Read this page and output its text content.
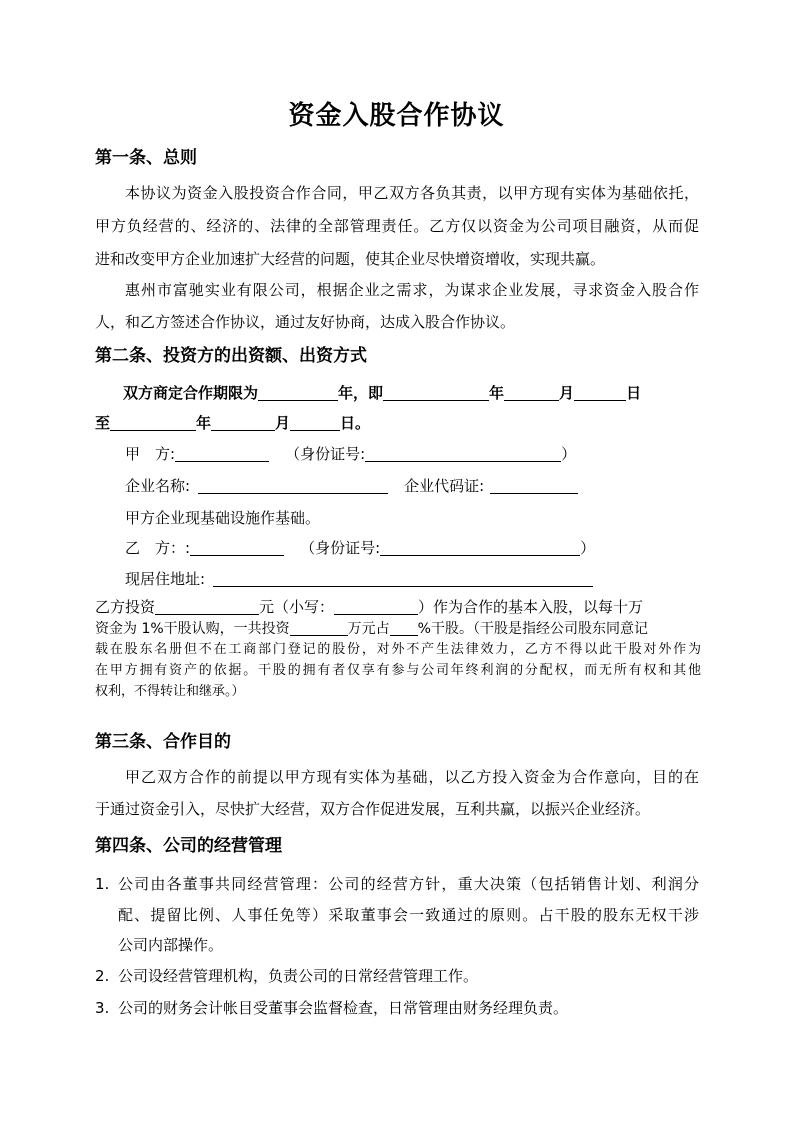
资金入股合作协议
第一条、总则
本协议为资金入股投资合作合同，甲乙双方各负其责，以甲方现有实体为基础依托，
甲方负经营的、经济的、法律的全部管理责任。乙方仅以资金为公司项目融资，从而促
进和改变甲方企业加速扩大经营的问题，使其企业尽快增资增收，实现共赢。
惠州市富驰实业有限公司，根据企业之需求，为谋求企业发展，寻求资金入股合作
人，和乙方签述合作协议，通过友好协商，达成入股合作协议。
第二条、投资方的出资额、出资方式
双方商定合作期限为	年，即	年	月	日
至	年	月	日。
甲　方:	（身份证号:	）
企业名称:	企业代码证:
甲方企业现基础设施作基础。
乙　方：:	（身份证号:	）
现居住地址:
乙方投资	元（小写：	）作为合作的基本入股，以每十万
资金为 1%干股认购，一共投资	万元占 %干股。（干股是指经公司股东同意记
载在股东名册但不在工商部门登记的股份，对外不产生法律效力，乙方不得以此干股对外作为
在甲方拥有资产的依据。干股的拥有者仅享有参与公司年终利润的分配权，而无所有权和其他
权利，不得转让和继承。）
第三条、合作目的
甲乙双方合作的前提以甲方现有实体为基础，以乙方投入资金为合作意向，目的在
于通过资金引入，尽快扩大经营，双方合作促进发展，互利共赢，以振兴企业经济。
第四条、公司的经营管理
1. 公司由各董事共同经营管理：公司的经营方针，重大决策（包括销售计划、利润分
配、提留比例、人事任免等）采取董事会一致通过的原则。占干股的股东无权干涉
公司内部操作。
2. 公司设经营管理机构，负责公司的日常经营管理工作。
3. 公司的财务会计帐目受董事会监督检查，日常管理由财务经理负责。
